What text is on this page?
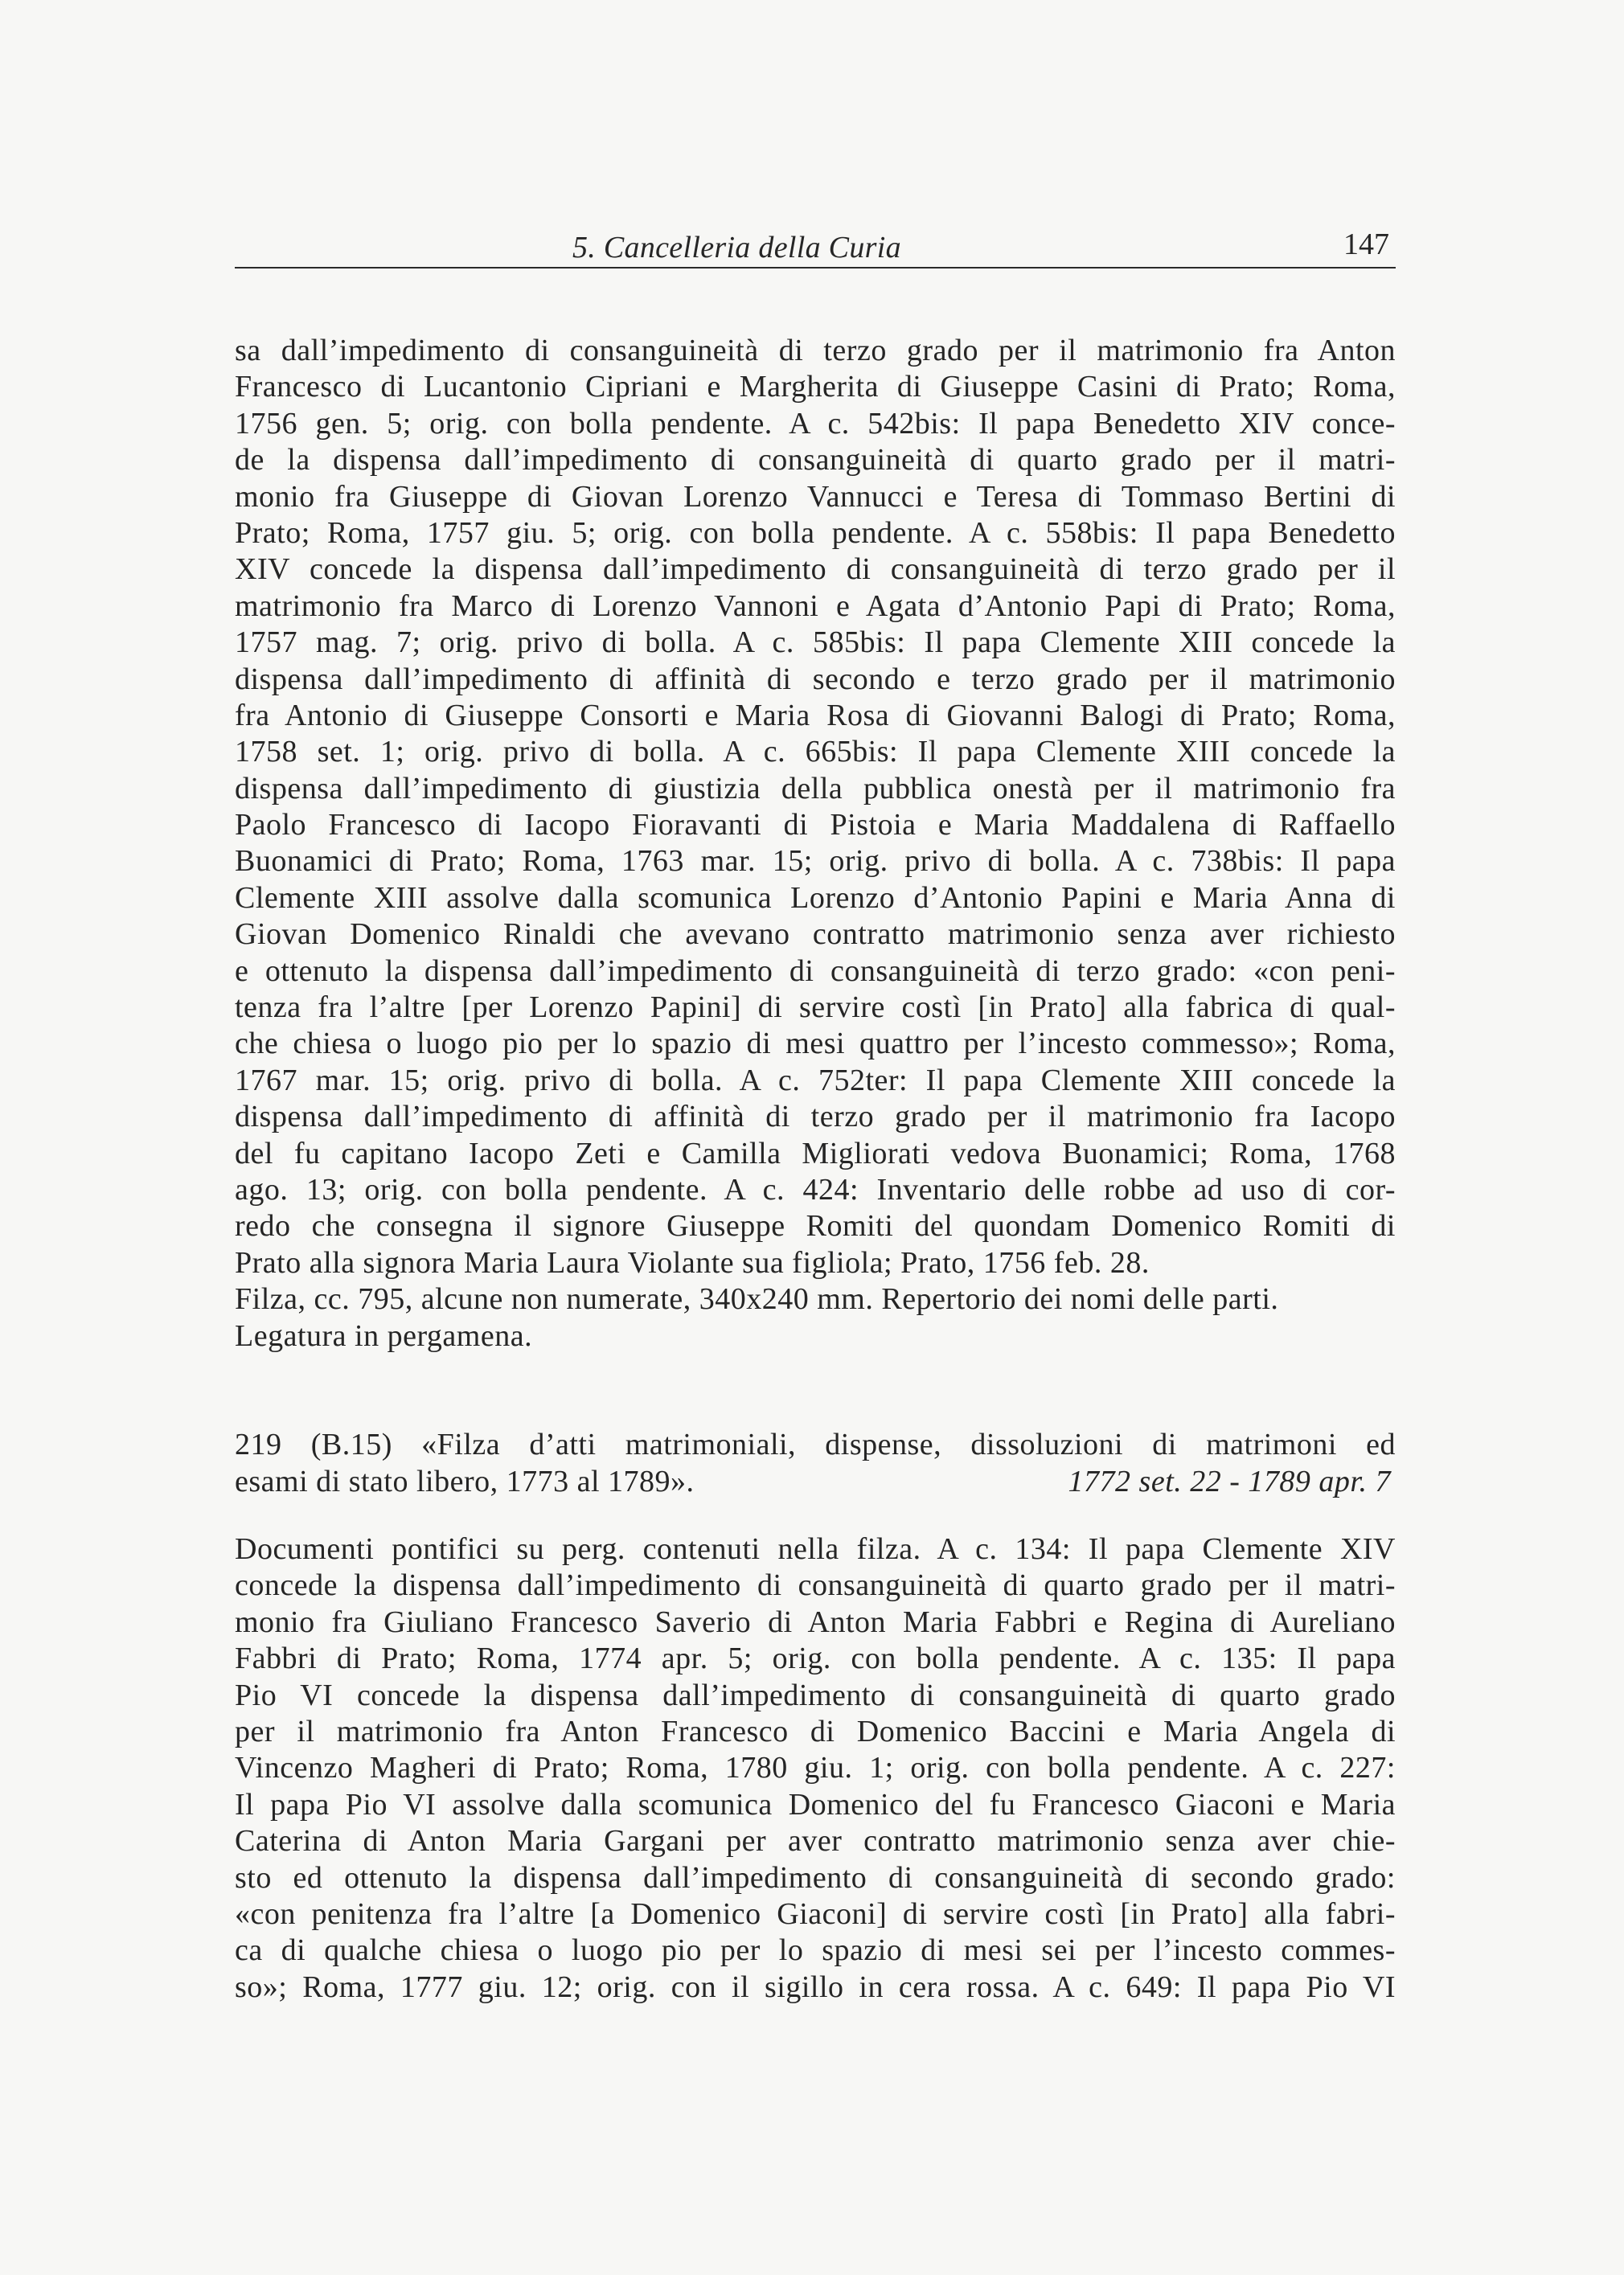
5. Cancelleria della Curia	147
sa dall’impedimento di consanguineità di terzo grado per il matrimonio fra Anton
Francesco di Lucantonio Cipriani e Margherita di Giuseppe Casini di Prato; Roma,
1756 gen. 5; orig. con bolla pendente. A c. 542bis: Il papa Benedetto XIV conce-
de la dispensa dall’impedimento di consanguineità di quarto grado per il matri-
monio fra Giuseppe di Giovan Lorenzo Vannucci e Teresa di Tommaso Bertini di
Prato; Roma, 1757 giu. 5; orig. con bolla pendente. A c. 558bis: Il papa Benedetto
XIV concede la dispensa dall’impedimento di consanguineità di terzo grado per il
matrimonio fra Marco di Lorenzo Vannoni e Agata d’Antonio Papi di Prato; Roma,
1757 mag. 7; orig. privo di bolla. A c. 585bis: Il papa Clemente XIII concede la
dispensa dall’impedimento di affinità di secondo e terzo grado per il matrimonio
fra Antonio di Giuseppe Consorti e Maria Rosa di Giovanni Balogi di Prato; Roma,
1758 set. 1; orig. privo di bolla. A c. 665bis: Il papa Clemente XIII concede la
dispensa dall’impedimento di giustizia della pubblica onestà per il matrimonio fra
Paolo Francesco di Iacopo Fioravanti di Pistoia e Maria Maddalena di Raffaello
Buonamici di Prato; Roma, 1763 mar. 15; orig. privo di bolla. A c. 738bis: Il papa
Clemente XIII assolve dalla scomunica Lorenzo d’Antonio Papini e Maria Anna di
Giovan Domenico Rinaldi che avevano contratto matrimonio senza aver richiesto
e ottenuto la dispensa dall’impedimento di consanguineità di terzo grado: «con peni-
tenza fra l’altre [per Lorenzo Papini] di servire costì [in Prato] alla fabrica di qual-
che chiesa o luogo pio per lo spazio di mesi quattro per l’incesto commesso»; Roma,
1767 mar. 15; orig. privo di bolla. A c. 752ter: Il papa Clemente XIII concede la
dispensa dall’impedimento di affinità di terzo grado per il matrimonio fra Iacopo
del fu capitano Iacopo Zeti e Camilla Migliorati vedova Buonamici; Roma, 1768
ago. 13; orig. con bolla pendente. A c. 424: Inventario delle robbe ad uso di cor-
redo che consegna il signore Giuseppe Romiti del quondam Domenico Romiti di
Prato alla signora Maria Laura Violante sua figliola; Prato, 1756 feb. 28.
Filza, cc. 795, alcune non numerate, 340x240 mm. Repertorio dei nomi delle parti.
Legatura in pergamena.
219 (B.15) «Filza d’atti matrimoniali, dispense, dissoluzioni di matrimoni ed
esami di stato libero, 1773 al 1789».	1772 set. 22 - 1789 apr. 7
Documenti pontifici su perg. contenuti nella filza. A c. 134: Il papa Clemente XIV
concede la dispensa dall’impedimento di consanguineità di quarto grado per il matri-
monio fra Giuliano Francesco Saverio di Anton Maria Fabbri e Regina di Aureliano
Fabbri di Prato; Roma, 1774 apr. 5; orig. con bolla pendente. A c. 135: Il papa
Pio VI concede la dispensa dall’impedimento di consanguineità di quarto grado
per il matrimonio fra Anton Francesco di Domenico Baccini e Maria Angela di
Vincenzo Magheri di Prato; Roma, 1780 giu. 1; orig. con bolla pendente. A c. 227:
Il papa Pio VI assolve dalla scomunica Domenico del fu Francesco Giaconi e Maria
Caterina di Anton Maria Gargani per aver contratto matrimonio senza aver chie-
sto ed ottenuto la dispensa dall’impedimento di consanguineità di secondo grado:
«con penitenza fra l’altre [a Domenico Giaconi] di servire costì [in Prato] alla fabri-
ca di qualche chiesa o luogo pio per lo spazio di mesi sei per l’incesto commes-
so»; Roma, 1777 giu. 12; orig. con il sigillo in cera rossa. A c. 649: Il papa Pio VI
